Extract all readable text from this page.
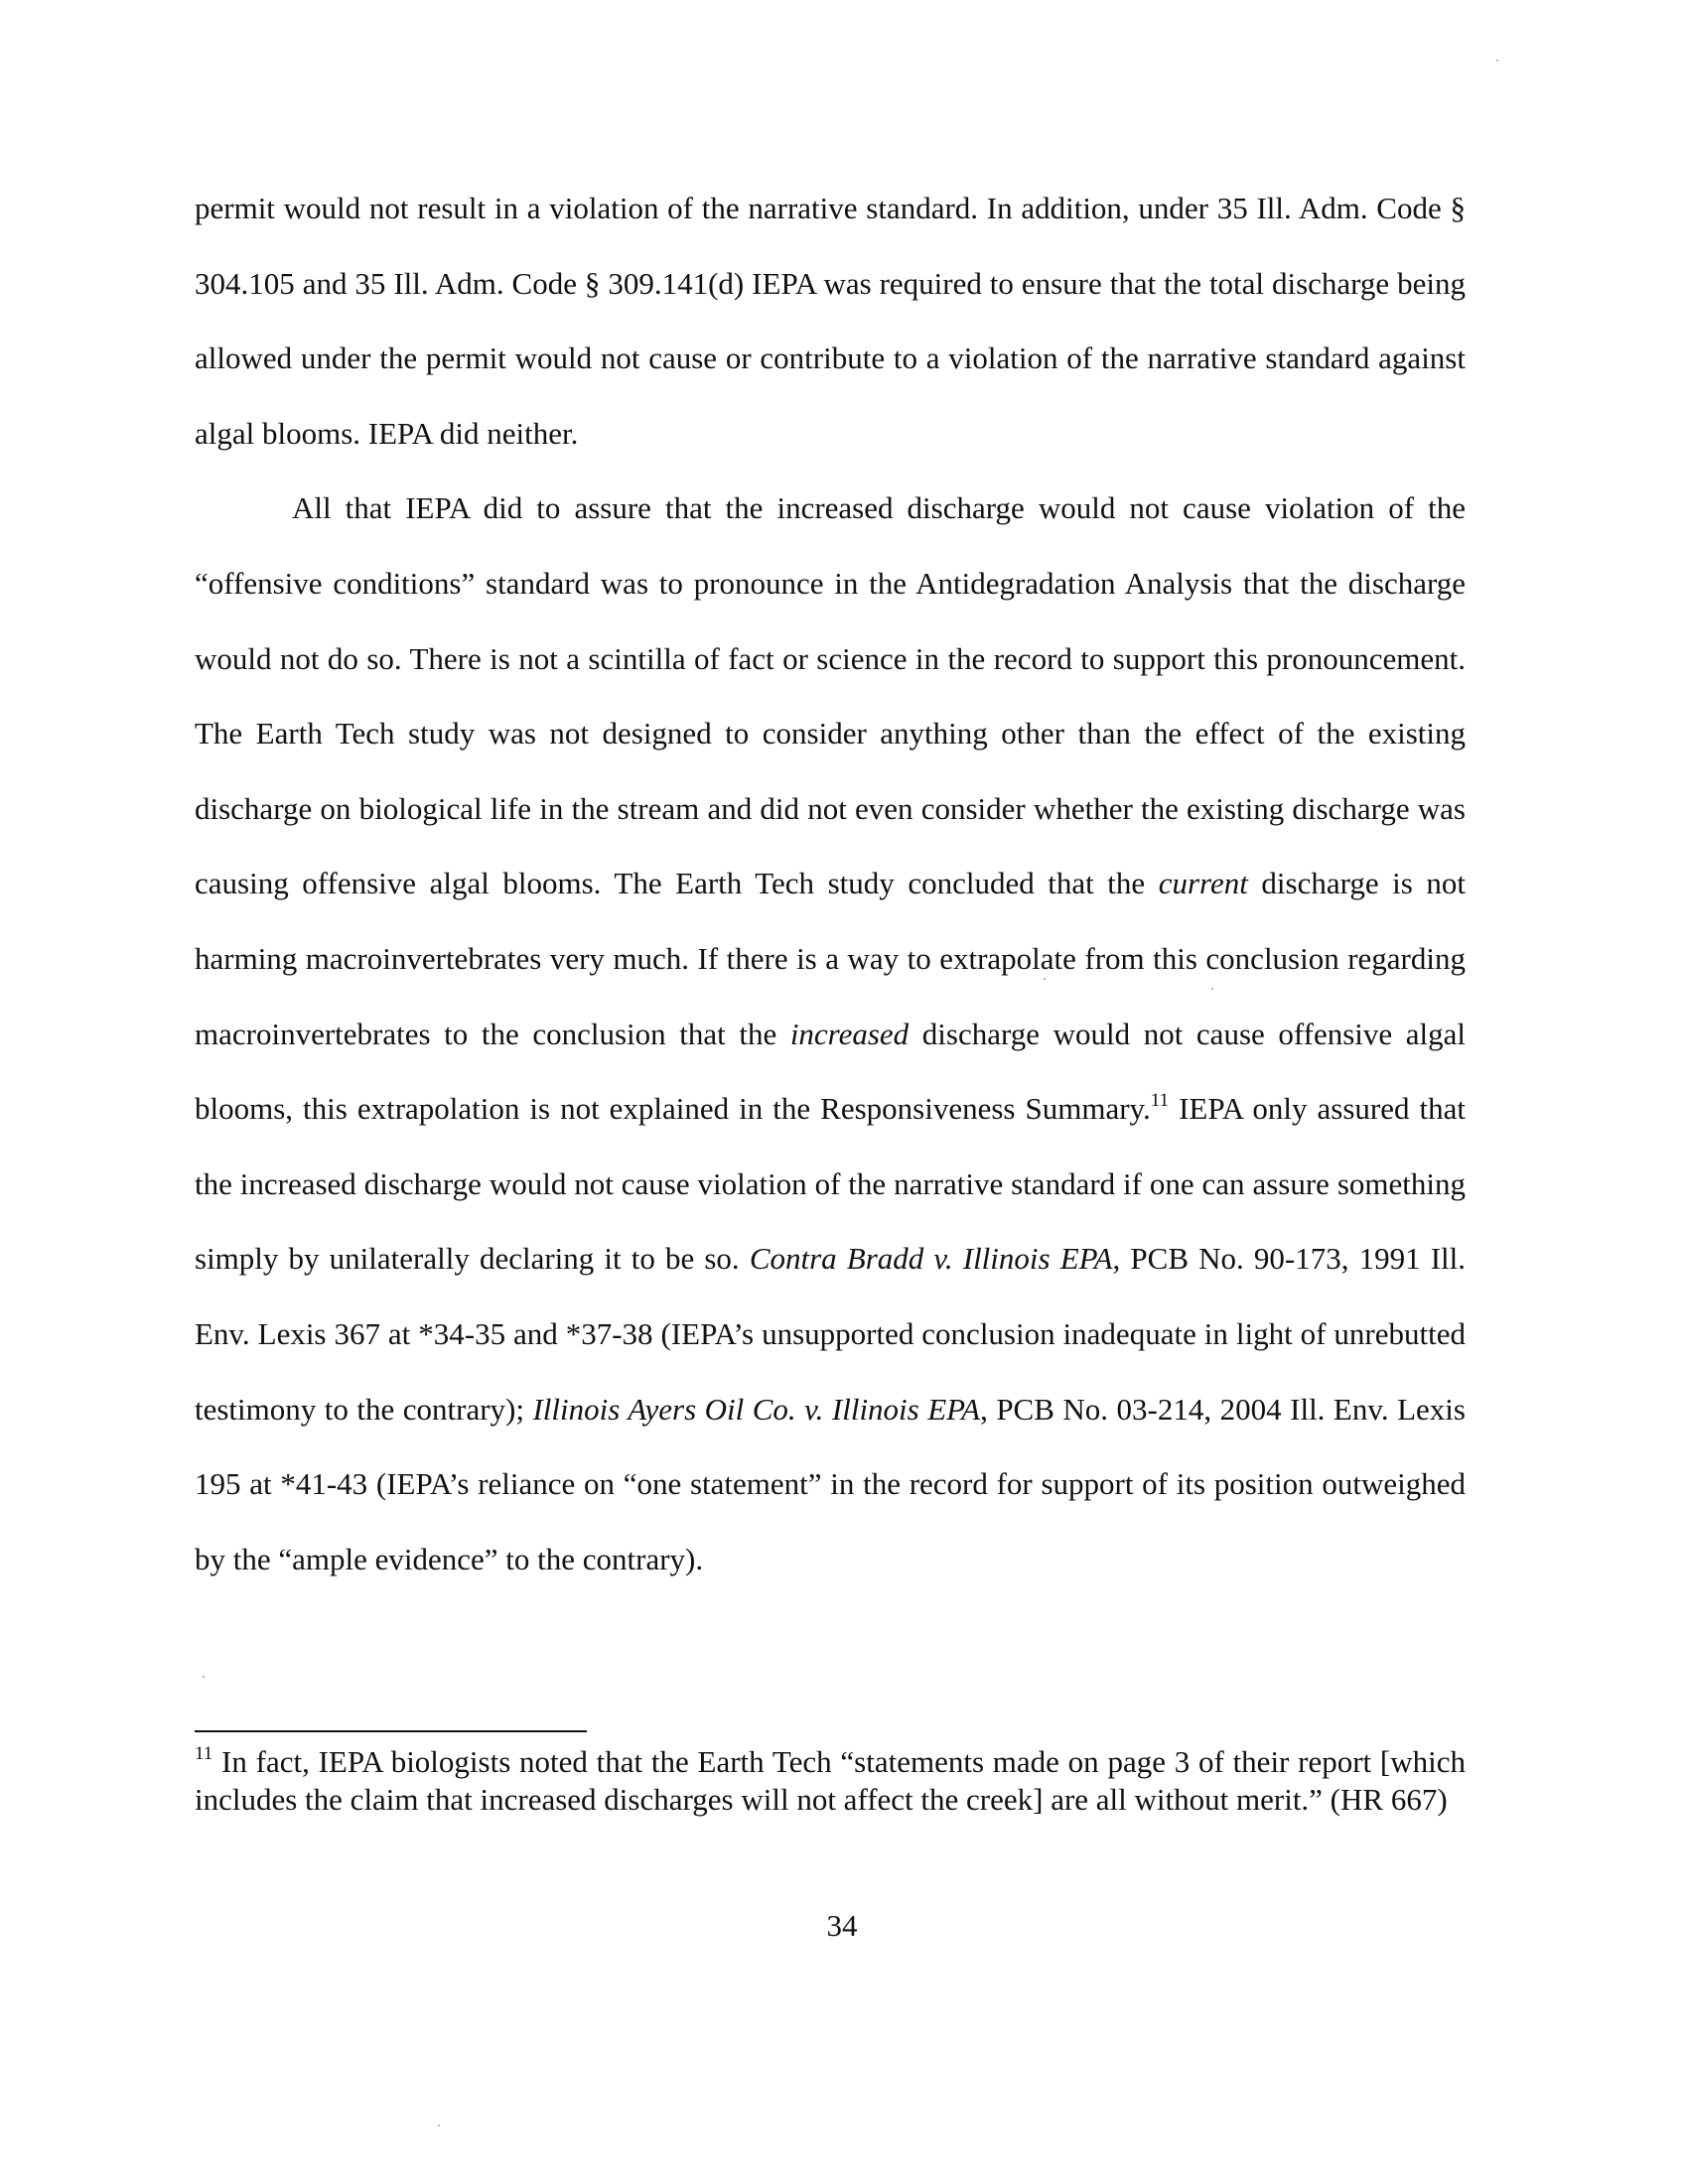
permit would not result in a violation of the narrative standard. In addition, under 35 Ill. Adm. Code § 304.105 and 35 Ill. Adm. Code § 309.141(d) IEPA was required to ensure that the total discharge being allowed under the permit would not cause or contribute to a violation of the narrative standard against algal blooms. IEPA did neither.

All that IEPA did to assure that the increased discharge would not cause violation of the “offensive conditions” standard was to pronounce in the Antidegradation Analysis that the discharge would not do so. There is not a scintilla of fact or science in the record to support this pronouncement. The Earth Tech study was not designed to consider anything other than the effect of the existing discharge on biological life in the stream and did not even consider whether the existing discharge was causing offensive algal blooms. The Earth Tech study concluded that the current discharge is not harming macroinvertebrates very much. If there is a way to extrapolate from this conclusion regarding macroinvertebrates to the conclusion that the increased discharge would not cause offensive algal blooms, this extrapolation is not explained in the Responsiveness Summary.$^{11}$ IEPA only assured that the increased discharge would not cause violation of the narrative standard if one can assure something simply by unilaterally declaring it to be so. Contra Bradd v. Illinois EPA, PCB No. 90-173, 1991 Ill. Env. Lexis 367 at *34-35 and *37-38 (IEPA’s unsupported conclusion inadequate in light of unrebutted testimony to the contrary); Illinois Ayers Oil Co. v. Illinois EPA, PCB No. 03-214, 2004 Ill. Env. Lexis 195 at *41-43 (IEPA’s reliance on “one statement” in the record for support of its position outweighed by the “ample evidence” to the contrary).

$^{11}$ In fact, IEPA biologists noted that the Earth Tech “statements made on page 3 of their report [which includes the claim that increased discharges will not affect the creek] are all without merit.” (HR 667)

34
